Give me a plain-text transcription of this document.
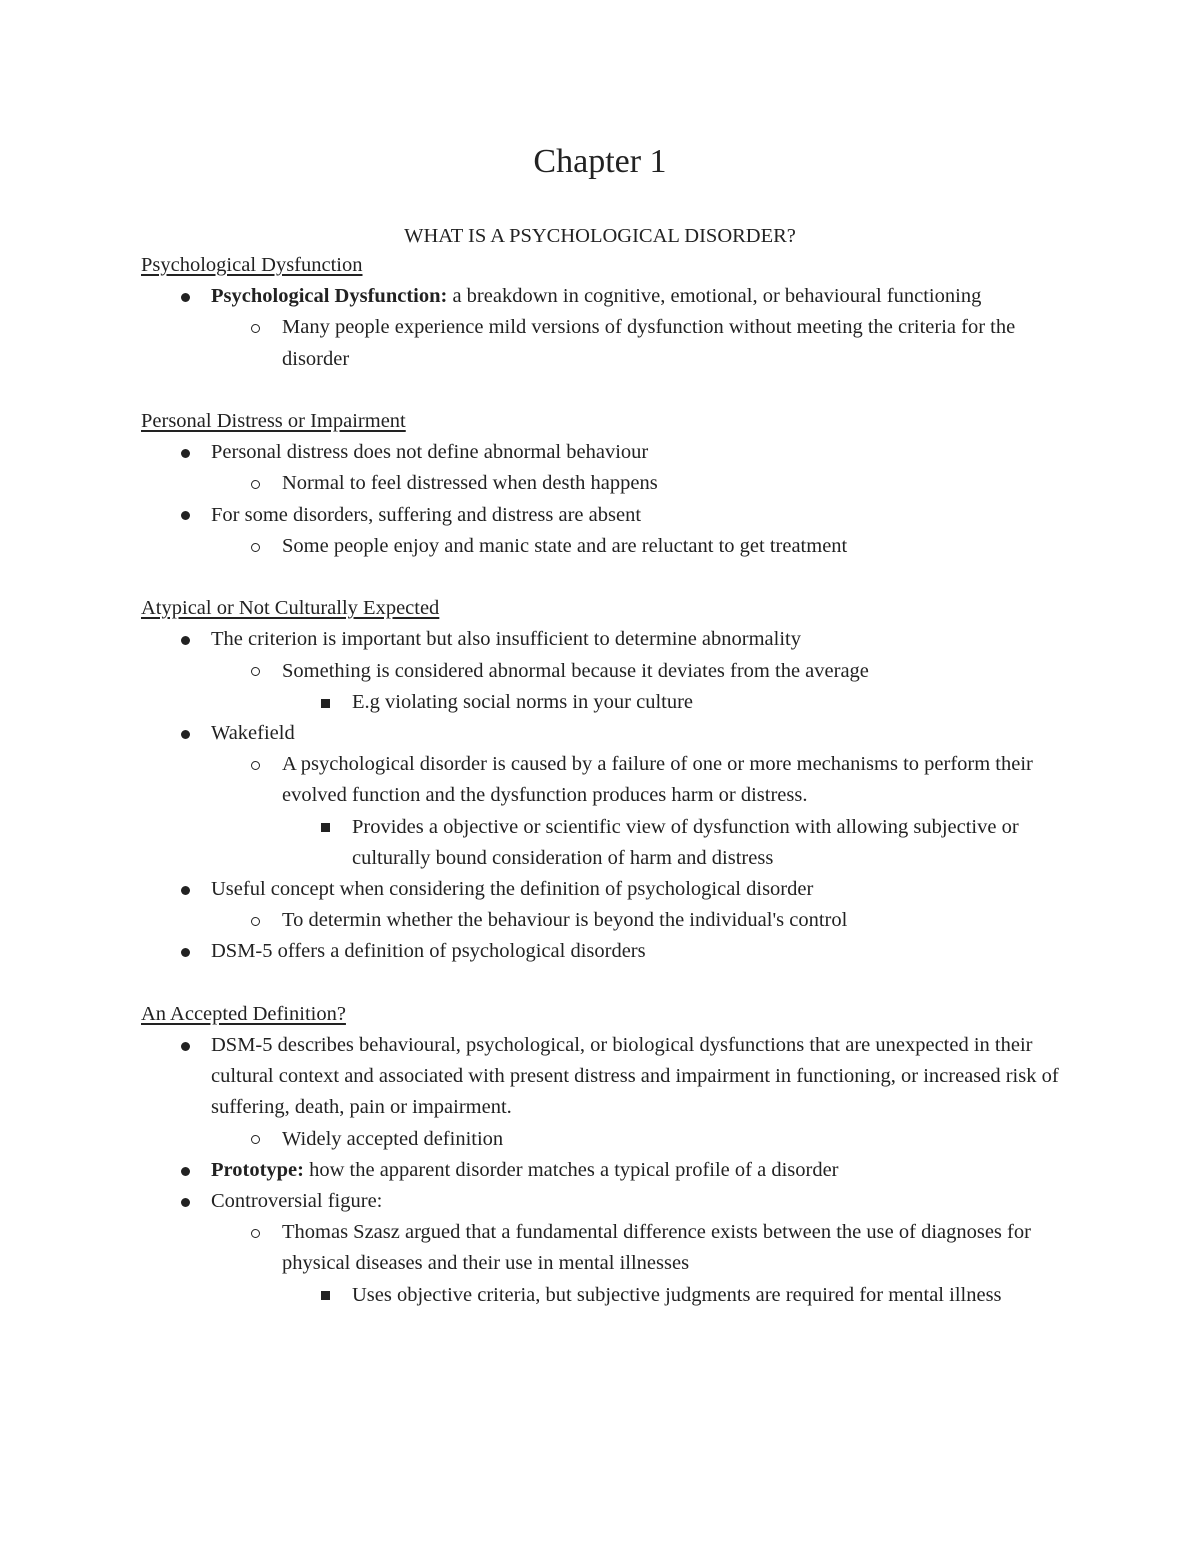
Chapter 1
WHAT IS A PSYCHOLOGICAL DISORDER?
Psychological Dysfunction
Psychological Dysfunction: a breakdown in cognitive, emotional, or behavioural functioning
Many people experience mild versions of dysfunction without meeting the criteria for the disorder
Personal Distress or Impairment
Personal distress does not define abnormal behaviour
Normal to feel distressed when desth happens
For some disorders, suffering and distress are absent
Some people enjoy and manic state and are reluctant to get treatment
Atypical or Not Culturally Expected
The criterion is important but also insufficient to determine abnormality
Something is considered abnormal because it deviates from the average
E.g violating social norms in your culture
Wakefield
A psychological disorder is caused by a failure of one or more mechanisms to perform their evolved function and the dysfunction produces harm or distress.
Provides a objective or scientific view of dysfunction with allowing subjective or culturally bound consideration of harm and distress
Useful concept when considering the definition of psychological disorder
To determin whether the behaviour is beyond the individual's control
DSM-5 offers a definition of psychological disorders
An Accepted Definition?
DSM-5 describes behavioural, psychological, or biological dysfunctions that are unexpected in their cultural context and associated with present distress and impairment in functioning, or increased risk of suffering, death, pain or impairment.
Widely accepted definition
Prototype: how the apparent disorder matches a typical profile of a disorder
Controversial figure:
Thomas Szasz argued that a fundamental difference exists between the use of diagnoses for physical diseases and their use in mental illnesses
Uses objective criteria, but subjective judgments are required for mental illness
